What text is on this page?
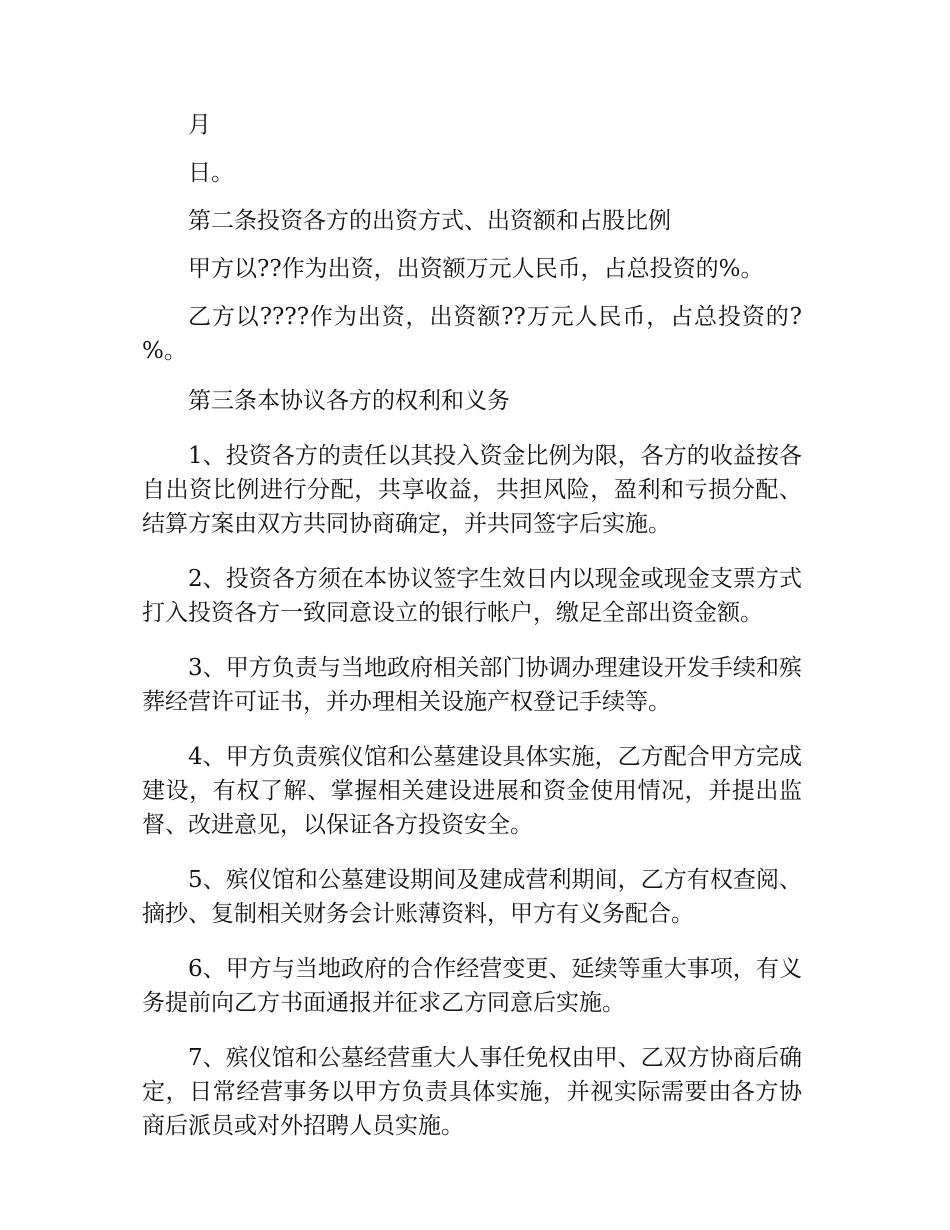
月

日。

第二条投资各方的出资方式、出资额和占股比例

甲方以??作为出资，出资额万元人民币，占总投资的%。

乙方以????作为出资，出资额??万元人民币，占总投资的?%。

第三条本协议各方的权利和义务

1、投资各方的责任以其投入资金比例为限，各方的收益按各自出资比例进行分配，共享收益，共担风险，盈利和亏损分配、结算方案由双方共同协商确定，并共同签字后实施。

2、投资各方须在本协议签字生效日内以现金或现金支票方式打入投资各方一致同意设立的银行帐户，缴足全部出资金额。

3、甲方负责与当地政府相关部门协调办理建设开发手续和殡葬经营许可证书，并办理相关设施产权登记手续等。

4、甲方负责殡仪馆和公墓建设具体实施，乙方配合甲方完成建设，有权了解、掌握相关建设进展和资金使用情况，并提出监督、改进意见，以保证各方投资安全。

5、殡仪馆和公墓建设期间及建成营利期间，乙方有权查阅、摘抄、复制相关财务会计账薄资料，甲方有义务配合。

6、甲方与当地政府的合作经营变更、延续等重大事项，有义务提前向乙方书面通报并征求乙方同意后实施。

7、殡仪馆和公墓经营重大人事任免权由甲、乙双方协商后确定，日常经营事务以甲方负责具体实施，并视实际需要由各方协商后派员或对外招聘人员实施。
